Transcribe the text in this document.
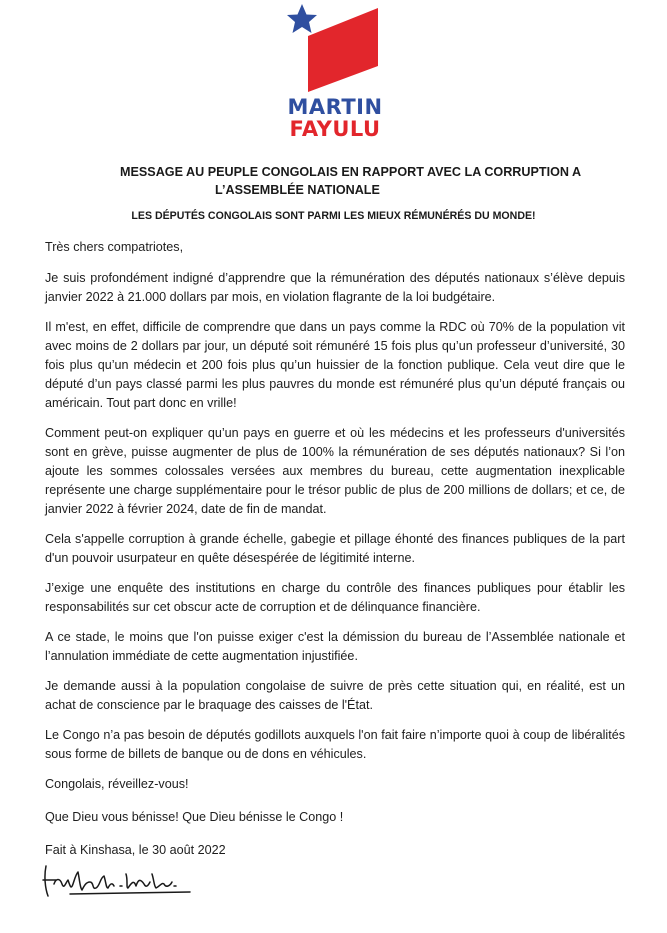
MARTIN
FAYULU
MESSAGE AU PEUPLE CONGOLAIS EN RAPPORT AVEC LA CORRUPTION A
L’ASSEMBLÉE NATIONALE
LES DÉPUTÉS CONGOLAIS SONT PARMI LES MIEUX RÉMUNÉRÉS DU MONDE!

Très chers compatriotes,

Je suis profondément indigné d’apprendre que la rémunération des députés nationaux s’élève depuis janvier 2022 à 21.000 dollars par mois, en violation flagrante de la loi budgétaire.

Il m'est, en effet, difficile de comprendre que dans un pays comme la RDC où 70% de la population vit avec moins de 2 dollars par jour, un député soit rémunéré 15 fois plus qu’un professeur d’université, 30 fois plus qu’un médecin et 200 fois plus qu’un huissier de la fonction publique. Cela veut dire que le député d’un pays classé parmi les plus pauvres du monde est rémunéré plus qu’un député français ou américain. Tout part donc en vrille!

Comment peut-on expliquer qu’un pays en guerre et où les médecins et les professeurs d'universités sont en grève, puisse augmenter de plus de 100% la rémunération de ses députés nationaux? Si l’on ajoute les sommes colossales versées aux membres du bureau, cette augmentation inexplicable représente une charge supplémentaire pour le trésor public de plus de 200 millions de dollars; et ce, de janvier 2022 à février 2024, date de fin de mandat.

Cela s'appelle corruption à grande échelle, gabegie et pillage éhonté des finances publiques de la part d'un pouvoir usurpateur en quête désespérée de légitimité interne.

J’exige une enquête des institutions en charge du contrôle des finances publiques pour établir les responsabilités sur cet obscur acte de corruption et de délinquance financière.

A ce stade, le moins que l'on puisse exiger c'est la démission du bureau de l’Assemblée nationale et l’annulation immédiate de cette augmentation injustifiée.

Je demande aussi à la population congolaise de suivre de près cette situation qui, en réalité, est un achat de conscience par le braquage des caisses de l'État.

Le Congo n’a pas besoin de députés godillots auxquels l'on fait faire n’importe quoi à coup de libéralités sous forme de billets de banque ou de dons en véhicules.

Congolais, réveillez-vous!

Que Dieu vous bénisse! Que Dieu bénisse le Congo !

Fait à Kinshasa, le 30 août 2022
